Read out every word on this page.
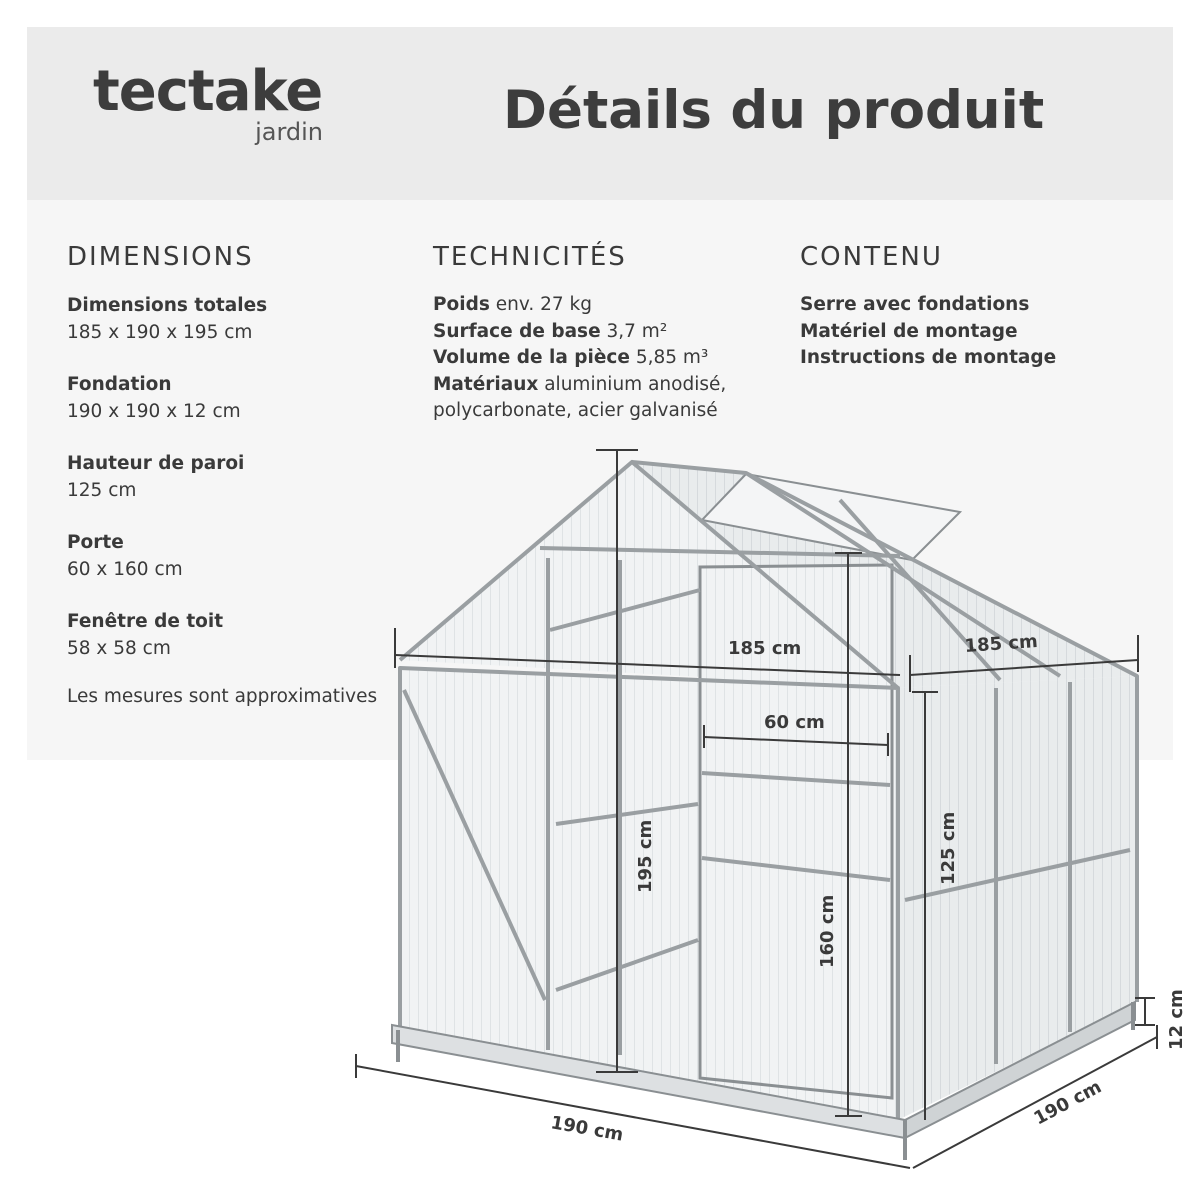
tectake
jardin	Détails du produit
DIMENSIONS
Dimensions totales
185 x 190 x 195 cm
Fondation
190 x 190 x 12 cm
Hauteur de paroi
125 cm
Porte
60 x 160 cm
Fenêtre de toit
58 x 58 cm
Les mesures sont approximatives
TECHNICITÉS
Poids env. 27 kg
Surface de base 3,7 m²
Volume de la pièce 5,85 m³
Matériaux aluminium anodisé,
polycarbonate, acier galvanisé
CONTENU
Serre avec fondations
Matériel de montage
Instructions de montage
185 cm	185 cm
60 cm
195 cm
160 cm
125 cm
12 cm
190 cm	190 cm
